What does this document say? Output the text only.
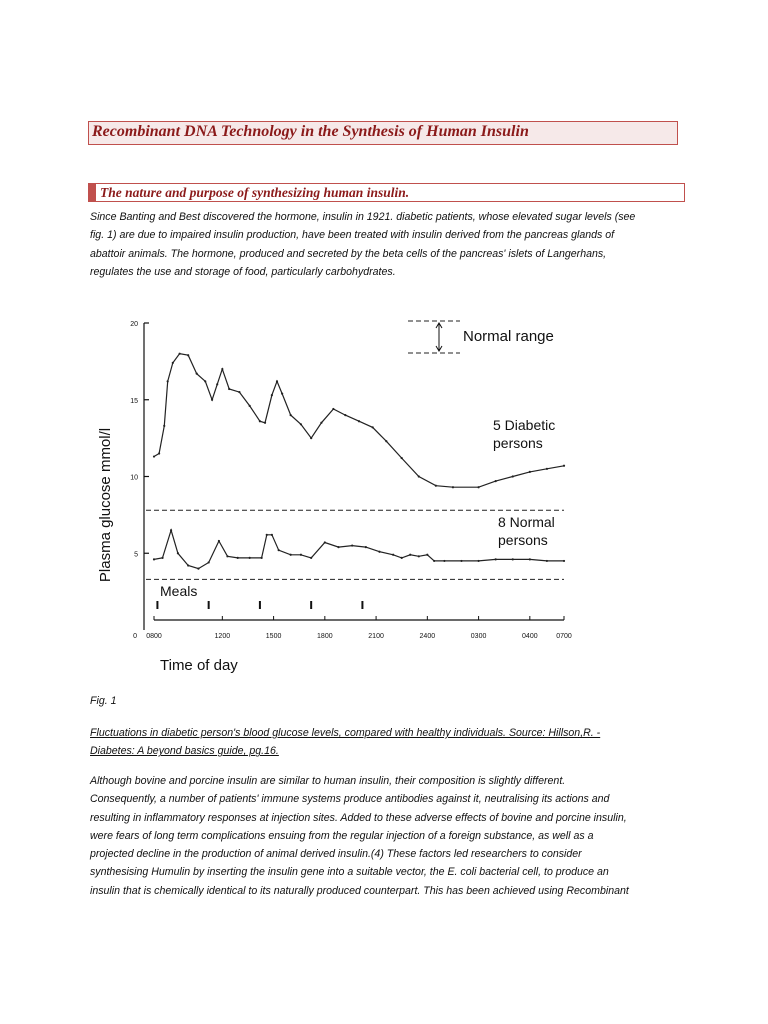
Recombinant DNA Technology in the Synthesis of Human Insulin
The nature and purpose of synthesizing human insulin.
Since Banting and Best discovered the hormone, insulin in 1921. diabetic patients, whose elevated sugar levels (see
fig. 1) are due to impaired insulin production, have been treated with insulin derived from the pancreas glands of
abattoir animals. The hormone, produced and secreted by the beta cells of the pancreas' islets of Langerhans,
regulates the use and storage of food, particularly carbohydrates.
Plasma glucose mmol/l
Time of day
Meals
Normal range
0
5
10
15
20
0800	1200	1500	1800	2100	2400	0300	0400	0700
5 Diabetic
persons
8 Normal
persons
Fig. 1
Fluctuations in diabetic person's blood glucose levels, compared with healthy individuals. Source: Hillson,R. -
Diabetes: A beyond basics guide, pg.16.
Although bovine and porcine insulin are similar to human insulin, their composition is slightly different.
Consequently, a number of patients' immune systems produce antibodies against it, neutralising its actions and
resulting in inflammatory responses at injection sites. Added to these adverse effects of bovine and porcine insulin,
were fears of long term complications ensuing from the regular injection of a foreign substance, as well as a
projected decline in the production of animal derived insulin.(4) These factors led researchers to consider
synthesising Humulin by inserting the insulin gene into a suitable vector, the E. coli bacterial cell, to produce an
insulin that is chemically identical to its naturally produced counterpart. This has been achieved using Recombinant
